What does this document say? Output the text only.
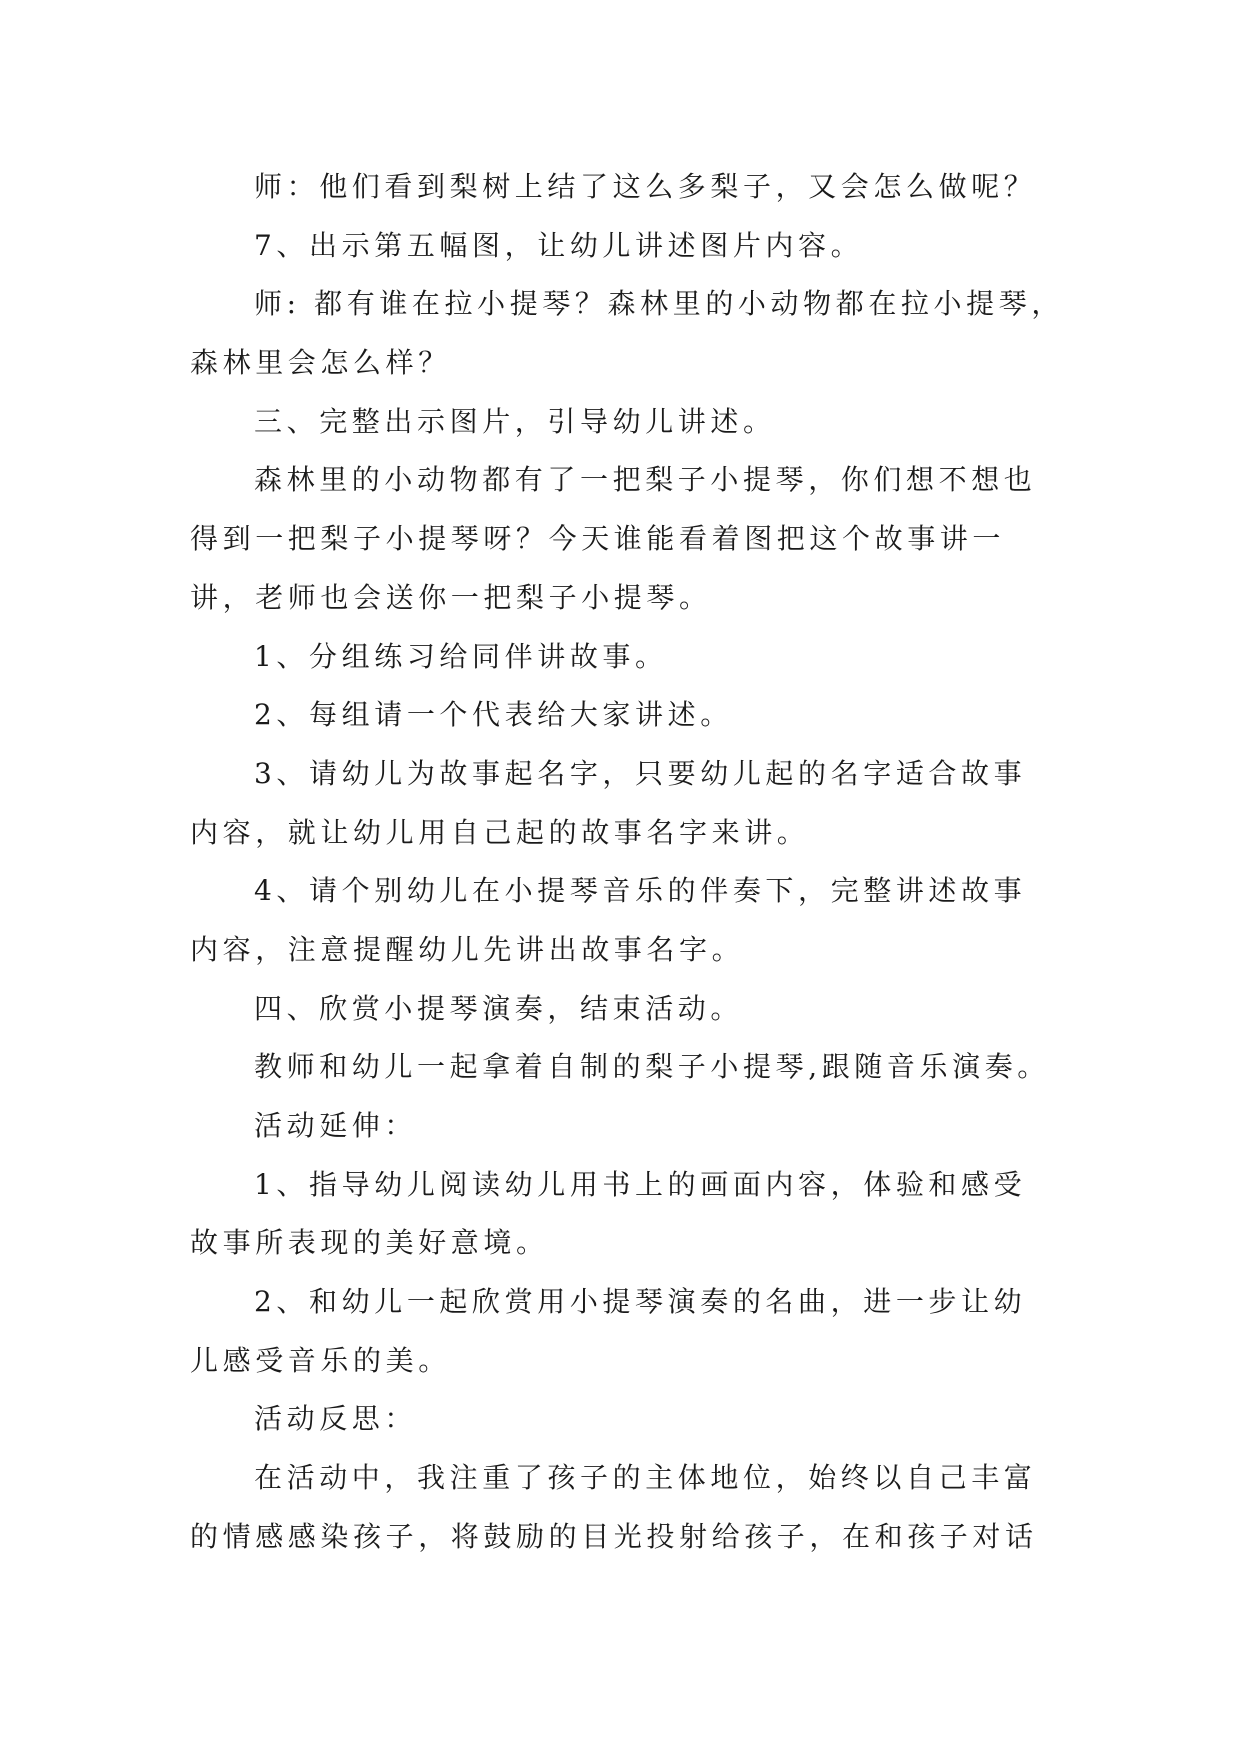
师：他们看到梨树上结了这么多梨子，又会怎么做呢？

7、出示第五幅图，让幼儿讲述图片内容。

师: 都有谁在拉小提琴？森林里的小动物都在拉小提琴，

森林里会怎么样？

三、完整出示图片，引导幼儿讲述。

森林里的小动物都有了一把梨子小提琴，你们想不想也

得到一把梨子小提琴呀？今天谁能看着图把这个故事讲一

讲，老师也会送你一把梨子小提琴。

1、分组练习给同伴讲故事。

2、每组请一个代表给大家讲述。

3、请幼儿为故事起名字，只要幼儿起的名字适合故事

内容，就让幼儿用自己起的故事名字来讲。

4、请个别幼儿在小提琴音乐的伴奏下，完整讲述故事

内容，注意提醒幼儿先讲出故事名字。

四、欣赏小提琴演奏，结束活动。

教师和幼儿一起拿着自制的梨子小提琴,跟随音乐演奏。

活动延伸：

1、指导幼儿阅读幼儿用书上的画面内容，体验和感受

故事所表现的美好意境。

2、和幼儿一起欣赏用小提琴演奏的名曲，进一步让幼

儿感受音乐的美。

活动反思：

在活动中，我注重了孩子的主体地位，始终以自己丰富

的情感感染孩子，将鼓励的目光投射给孩子，在和孩子对话
